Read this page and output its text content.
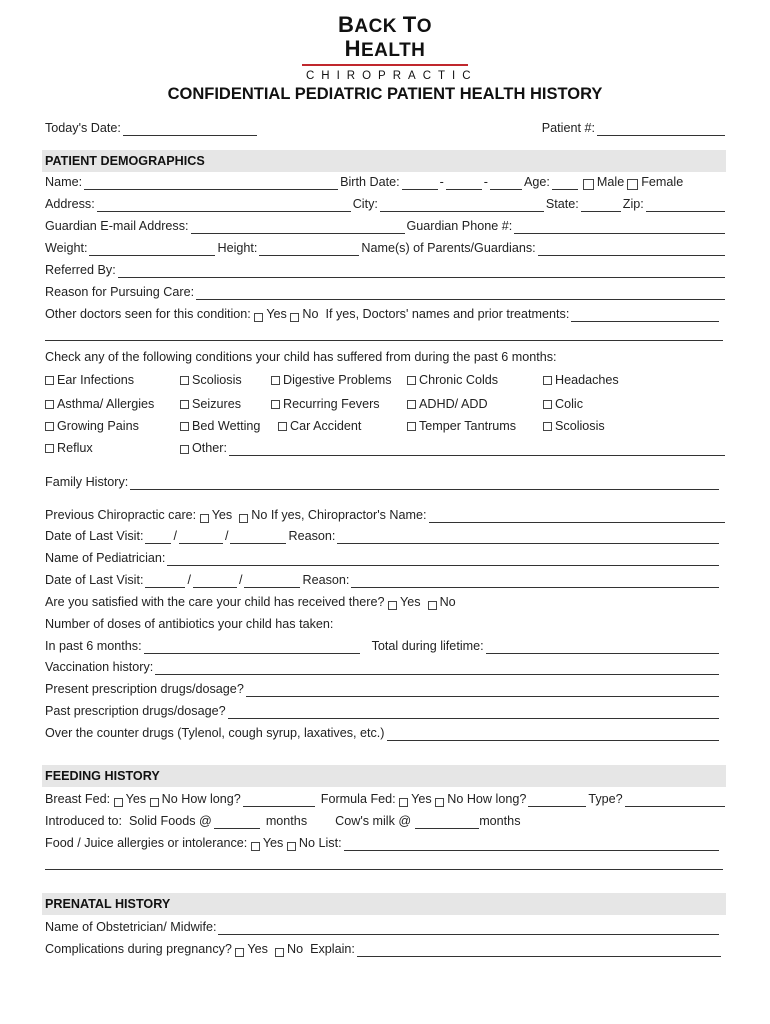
BACK TO HEALTH
CHIROPRACTIC
CONFIDENTIAL PEDIATRIC PATIENT HEALTH HISTORY
Today's Date:	Patient #:
PATIENT DEMOGRAPHICS
Name:	Birth Date:	-	-	Age:	Male Female
Address:	City:	State:	Zip:
Guardian E-mail Address:	Guardian Phone #:
Weight:	Height:	Name(s) of Parents/Guardians:
Referred By:
Reason for Pursuing Care:
Other doctors seen for this condition:
Yes
No
If yes, Doctors' names and prior treatments:
Check any of the following conditions your child has suffered from during the past 6 months:
Ear Infections	Scoliosis	Digestive Problems	Chronic Colds	Headaches
Asthma/ Allergies	Seizures	Recurring Fevers	ADHD/ ADD	Colic
Growing Pains	Bed Wetting	Car Accident	Temper Tantrums	Scoliosis
Reflux	Other:
Family History:
Previous Chiropractic care:
Yes
No
If yes, Chiropractor's Name:
Date of Last Visit: /	/	Reason:
Name of Pediatrician:
Date of Last Visit:	/	/	Reason:
Are you satisfied with the care your child has received there?
Yes
No
Number of doses of antibiotics your child has taken:
In past 6 months:	Total during lifetime:
Vaccination history:
Present prescription drugs/dosage?
Past prescription drugs/dosage?
Over the counter drugs (Tylenol, cough syrup, laxatives, etc.)
FEEDING HISTORY
Breast Fed:
Yes
No
How long?	Formula Fed:
Yes
No
How long?	Type?
Introduced to:
Solid Foods @	months Cow's milk @	months
Food / Juice allergies or intolerance:
Yes
No
List:
PRENATAL HISTORY
Name of Obstetrician/ Midwife:
Complications during pregnancy?
Yes
No
Explain:
